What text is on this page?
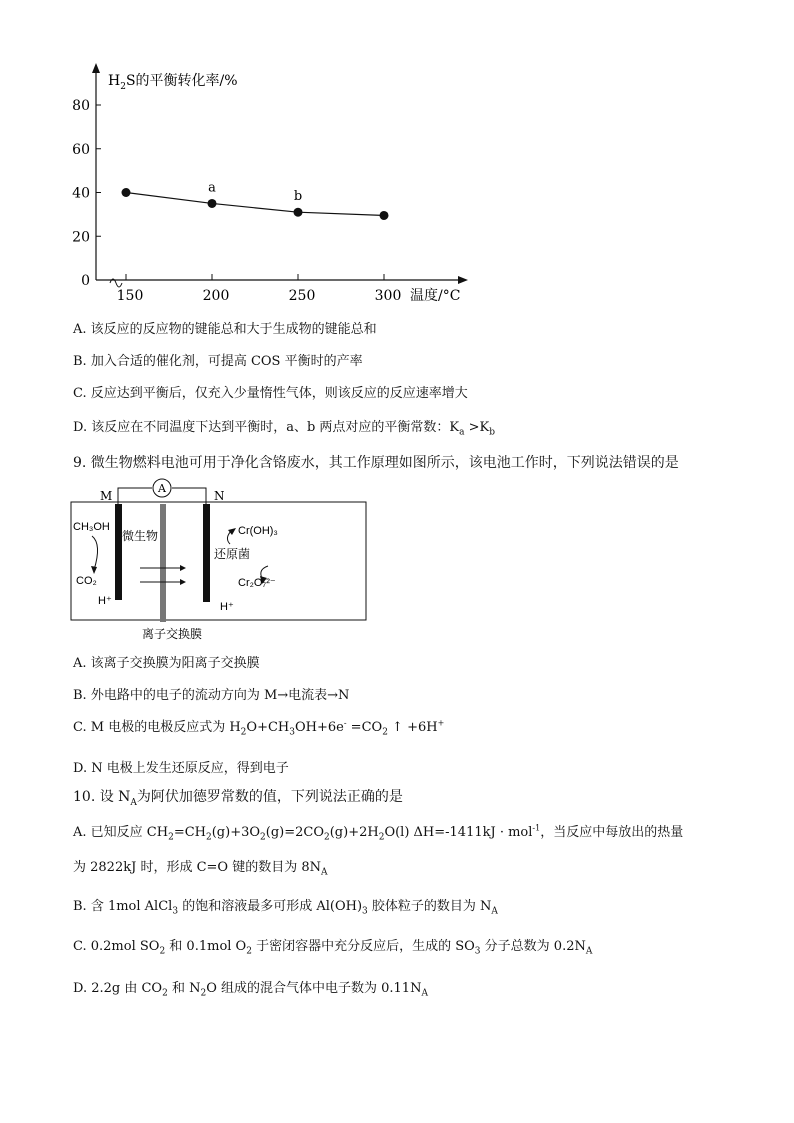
$H_2S$的平衡转化率/%
0
20
40
60
80
150	200	250	300
a
b
温度/°C
A. 该反应的反应物的键能总和大于生成物的键能总和
B. 加入合适的催化剂，可提高 COS 平衡时的产率
C. 反应达到平衡后，仅充入少量惰性气体，则该反应的反应速率增大
D. 该反应在不同温度下达到平衡时，a、b 两点对应的平衡常数：$K_a >K_b$
9. 微生物燃料电池可用于净化含铬废水，其工作原理如图所示，该电池工作时，下列说法错误的是
A
M	N
CH₃OH
CO₂
H⁺
微生物	Cr(OH)₃
还原菌
Cr₂O₇²⁻
H⁺
离子交换膜
A. 该离子交换膜为阳离子交换膜
B. 外电路中的电子的流动方向为 M→电流表→N
C. M 电极的电极反应式为 $H_2O+CH_3OH+6e^- =CO_2$ ↑ +6H+
D. N 电极上发生还原反应，得到电子
10. 设 $N_A$为阿伏加德罗常数的值，下列说法正确的是
A. 已知反应 $CH_2=CH_2(g)+3O_2(g)=2CO_2(g)+2H_2O(l) \Delta H=-1411kJ \cdot mol^{-1}$，当反应中每放出的热量
为 2822kJ 时，形成 C=O 键的数目为 $8N_A$
B. 含 1mol AlCl$_3$ 的饱和溶液最多可形成 $Al(OH)_3$ 胶体粒子的数目为 $N_A$
C. 0.2mol $SO_2$ 和 0.1mol $O_2$ 于密闭容器中充分反应后，生成的 $SO_3$ 分子总数为 $0.2N_A$
D. 2.2g 由 $CO_2$ 和 $N_2O$ 组成的混合气体中电子数为 $0.11N_A$
